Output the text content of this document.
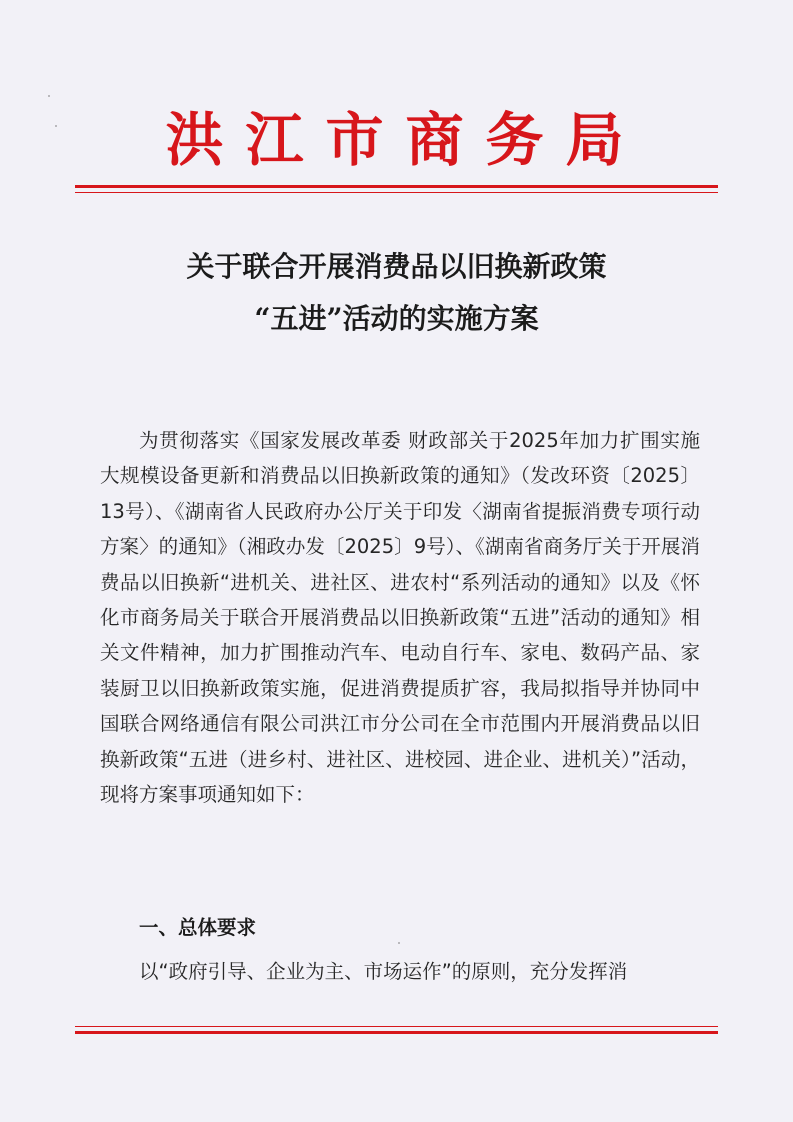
洪江市商务局
关于联合开展消费品以旧换新政策
“五进”活动的实施方案

为贯彻落实《国家发展改革委 财政部关于2025年加力扩围实施大规模设备更新和消费品以旧换新政策的通知》（发改环资〔2025〕13号）、《湖南省人民政府办公厅关于印发〈湖南省提振消费专项行动方案〉的通知》（湘政办发〔2025〕9号）、《湖南省商务厅关于开展消费品以旧换新“进机关、进社区、进农村“系列活动的通知》以及《怀化市商务局关于联合开展消费品以旧换新政策“五进”活动的通知》相关文件精神，加力扩围推动汽车、电动自行车、家电、数码产品、家装厨卫以旧换新政策实施，促进消费提质扩容，我局拟指导并协同中国联合网络通信有限公司洪江市分公司在全市范围内开展消费品以旧换新政策“五进（进乡村、进社区、进校园、进企业、进机关）”活动，现将方案事项通知如下：

一、总体要求

以“政府引导、企业为主、市场运作”的原则，充分发挥消
